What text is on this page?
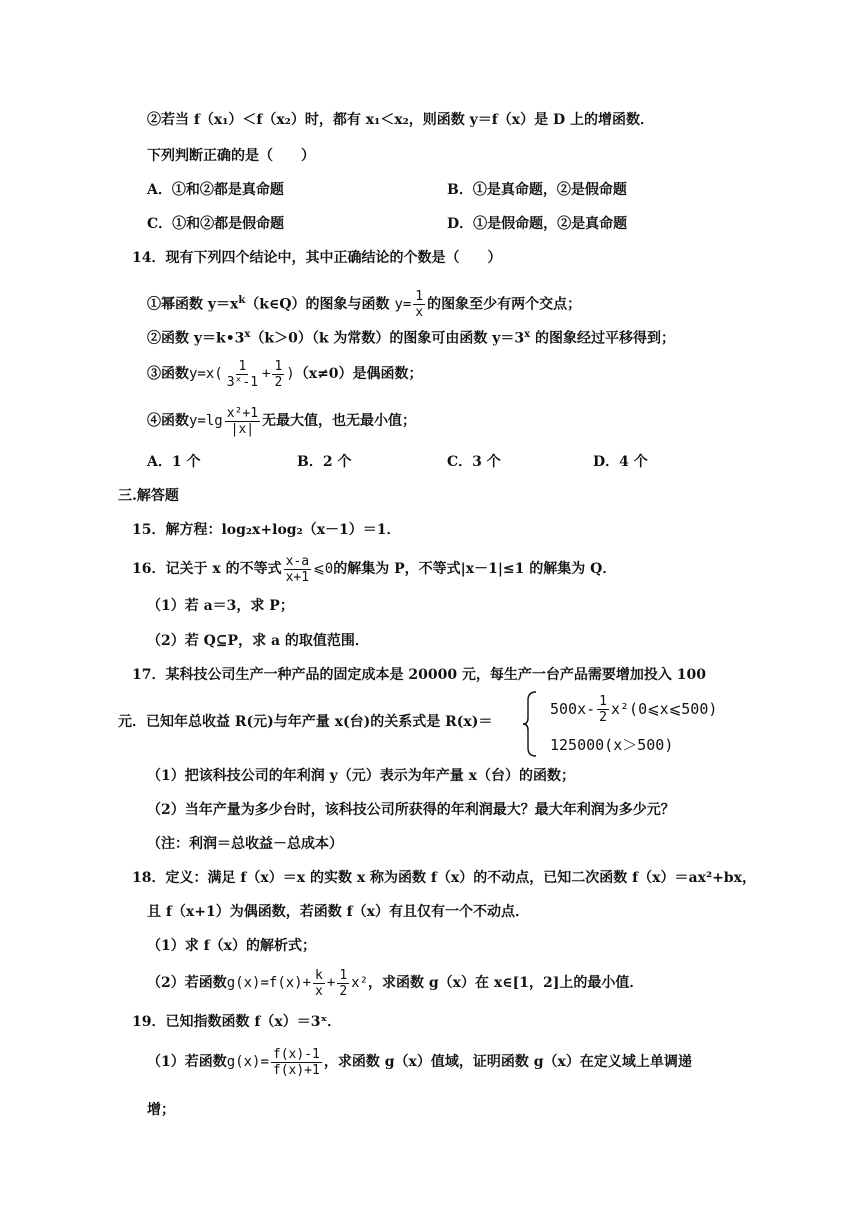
②若当 f（x₁）＜f（x₂）时，都有 x₁＜x₂，则函数 y＝f（x）是 D 上的增函数．
下列判断正确的是（　　）
A．①和②都是真命题	B．①是真命题，②是假命题
C．①和②都是假命题	D．①是假命题，②是真命题
14．现有下列四个结论中，其中正确结论的个数是（　　）
①幂函数 $y=x^k(k\in Q)$的图象与函数 $y= \frac{1}{x}$ 的图象至少有两个交点；
②函数 $y=k•3^x(k>0)(k$ 为常数）的图象可由函数 $y=3^x$ 的图象经过平移得到；
③函数$y=x( \frac{1}{\text{3ˣ-1}} + \frac{1}{2} )(x\ne 0)$是偶函数；
④函数$y=\lg \frac{\text{x²+1}}{|x|}$ 无最大值，也无最小值；
A．1 个	B．2 个	C．3 个	D．4 个
三.解答题
15．解方程：log₂x+log₂（x－1）＝1．
16．记关于 x 的不等式 $\frac{x-a}{x+1}$ ⩽0的解集为 P，不等式|x－1|≤1 的解集为 Q．
（1）若 a＝3，求 P；
（2）若 Q⊆P，求 a 的取值范围．
17．某科技公司生产一种产品的固定成本是 20000 元，每生产一台产品需要增加投入 100
元．已知年总收益 R(元)与年产量 x(台)的关系式是 R(x)＝
$500x- \frac{1}{2}$ x²(0⩽x⩽500)
125000(x＞500)
（1）把该科技公司的年利润 y（元）表示为年产量 x（台）的函数；
（2）当年产量为多少台时，该科技公司所获得的年利润最大？最大年利润为多少元？
（注：利润＝总收益－总成本）
18．定义：满足 f（x）＝x 的实数 x 称为函数 f（x）的不动点，已知二次函数 f（x）＝ax²+bx，
且 f（x+1）为偶函数，若函数 f（x）有且仅有一个不动点．
（1）求 f（x）的解析式；
（2）若函数$g(x)=f(x)+ \frac{k}{x} + \frac{1}{2} x^2$，求函数 g（x）在 x∈[1，2]上的最小值．
19．已知指数函数 f（x）＝3ˣ．
（1）若函数$g(x)= \frac{f(x)-1}{f(x)+1}$ ，求函数 g（x）值域，证明函数 g（x）在定义域上单调递
增；
